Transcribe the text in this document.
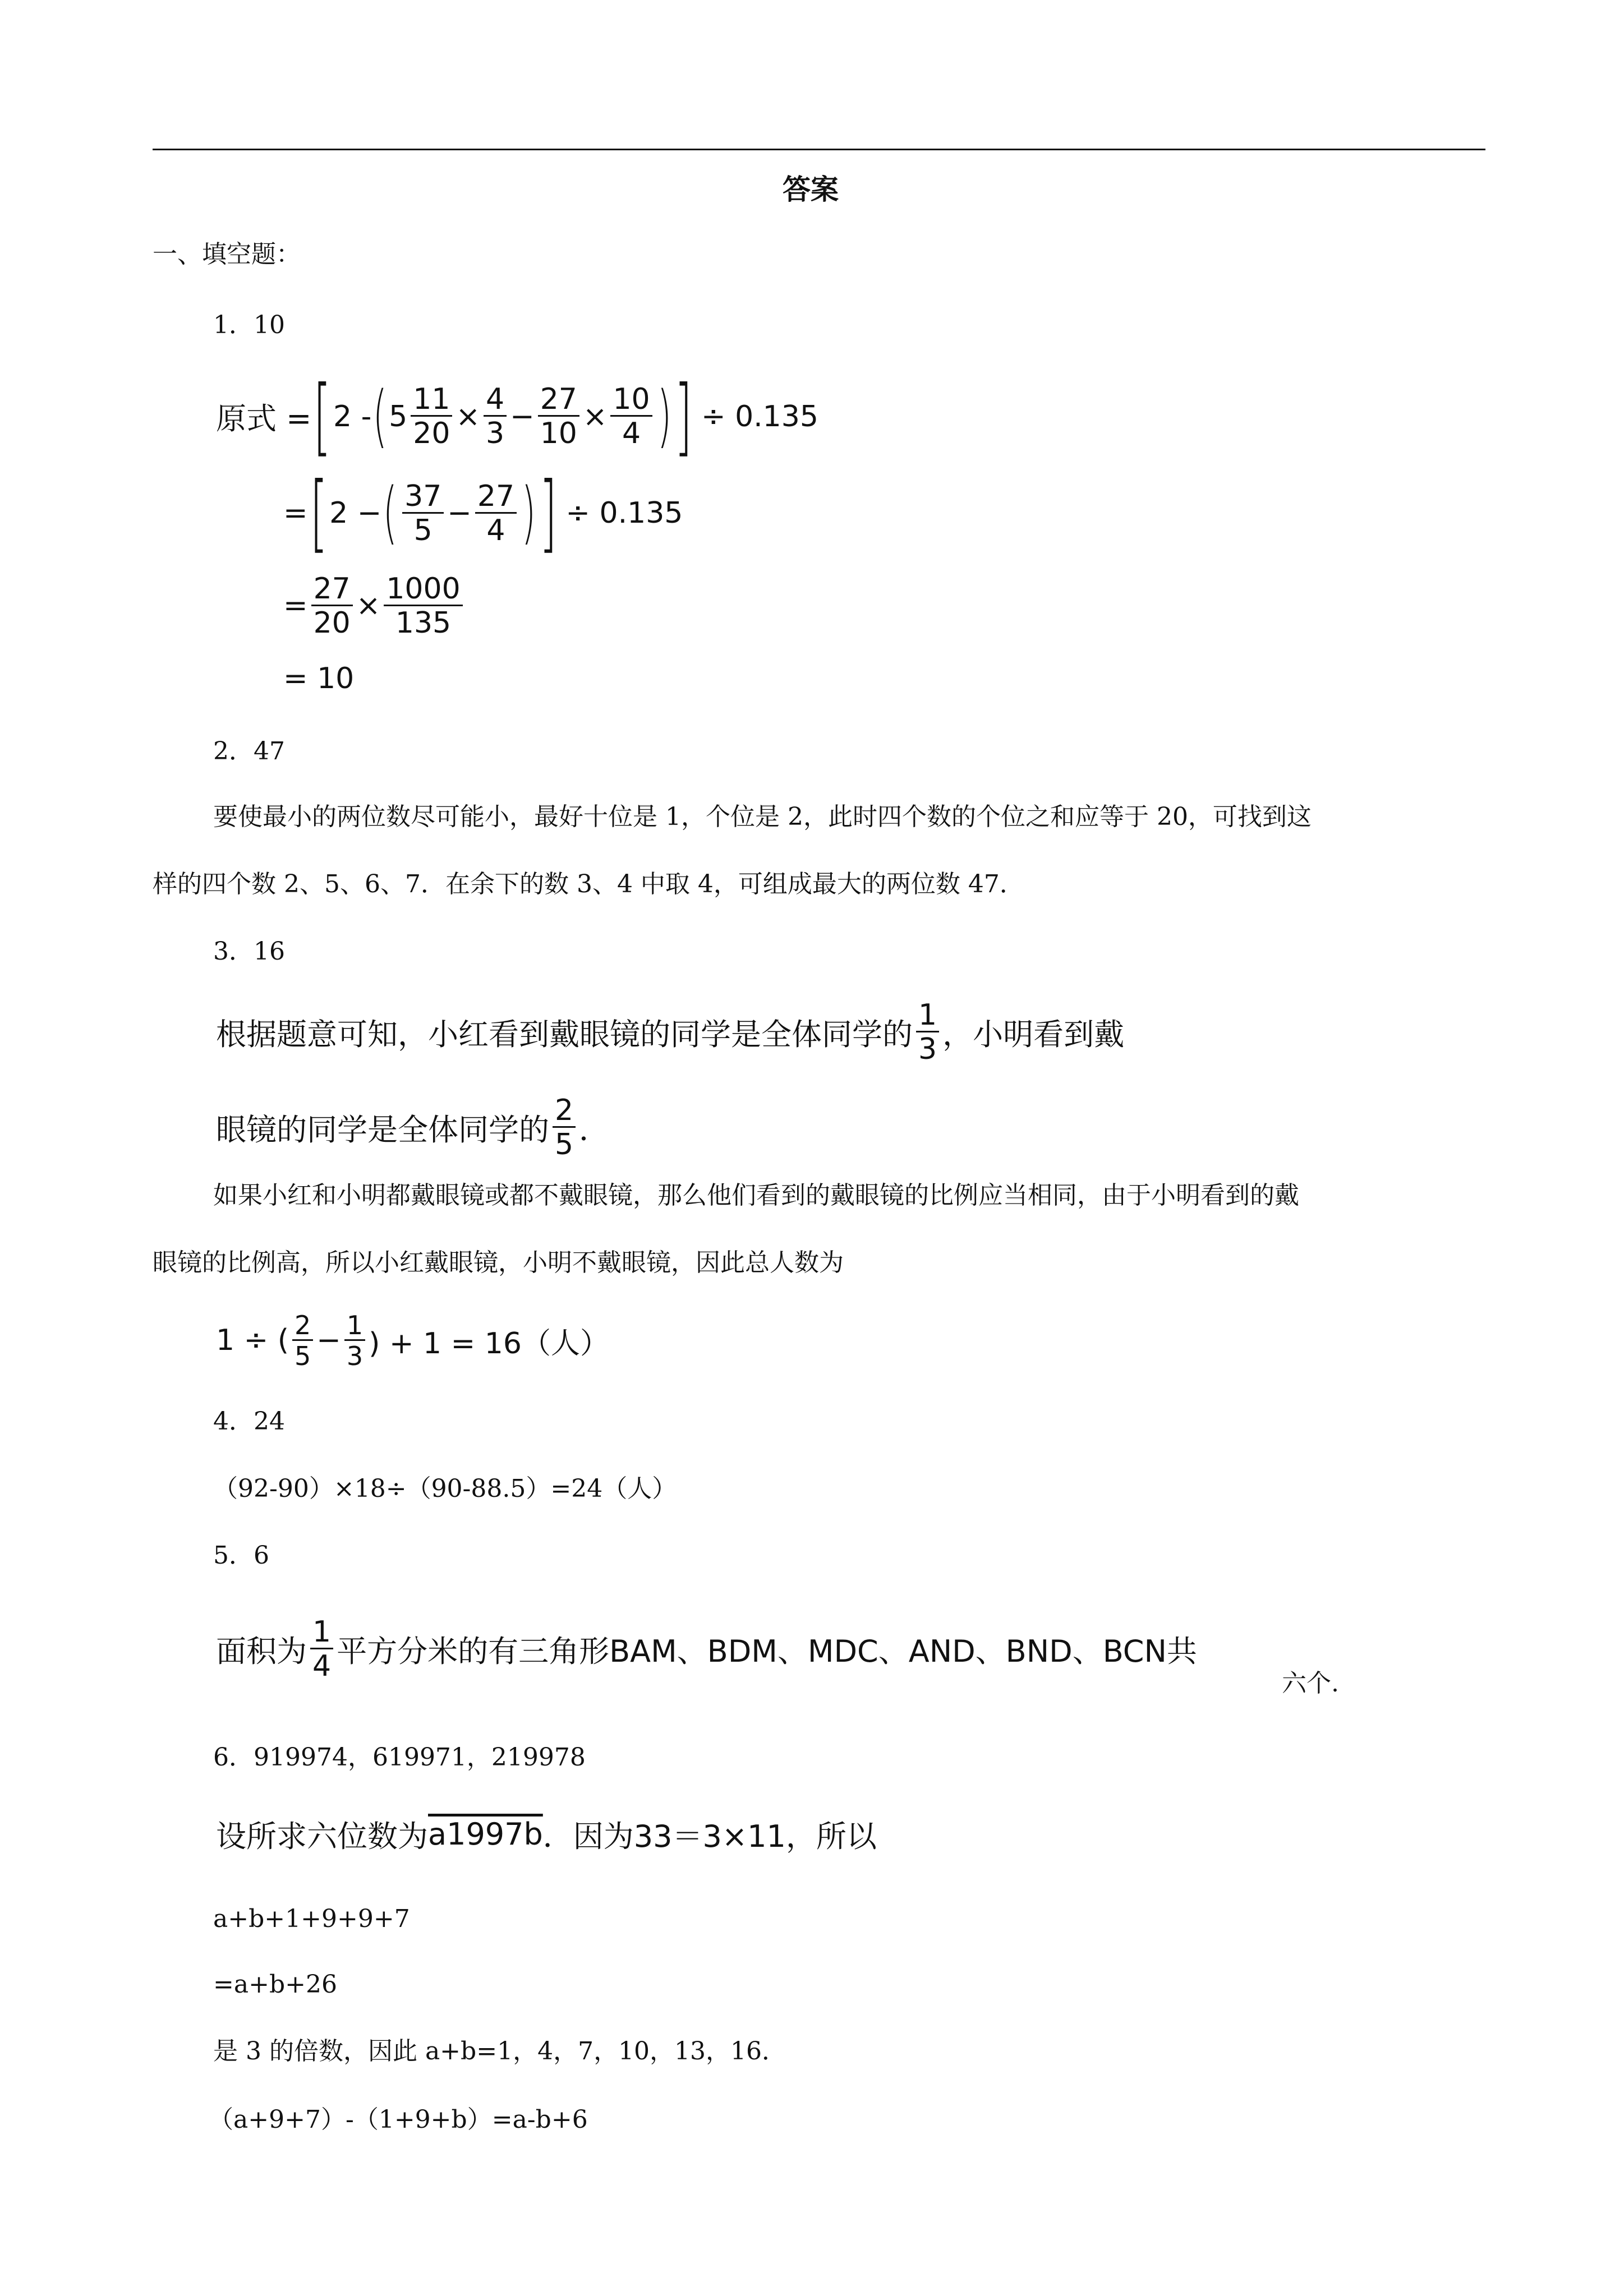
答案
一、填空题：
1．10
原式 = [ 2 - ( $5 \frac{11}{20} \times \frac{4}{3} - \frac{27}{10} \times \frac{10}{4}$ ) ] ÷ 0.135
= [ 2 − ( $\frac{37}{5} - \frac{27}{4}$ ) ] ÷ 0.135
= $\frac{27}{20} \times \frac{1000}{135}$
= 10
2．47
要使最小的两位数尽可能小，最好十位是 1，个位是 2，此时四个数的个位之和应等于 20，可找到这
样的四个数 2、5、6、7．在余下的数 3、4 中取 4，可组成最大的两位数 47．
3．16
根据题意可知，小红看到戴眼镜的同学是全体同学的 $\frac{1}{3}$ ，小明看到戴
眼镜的同学是全体同学的 $\frac{2}{5}$ ．
如果小红和小明都戴眼镜或都不戴眼镜，那么他们看到的戴眼镜的比例应当相同，由于小明看到的戴
眼镜的比例高，所以小红戴眼镜，小明不戴眼镜，因此总人数为
1 ÷ ( $\frac{2}{5} - \frac{1}{3}$ ) + 1 = 16（人）
4．24
（92-90）×18÷（90-88.5）=24（人）
5．6
面积为 $\frac{1}{4}$ 平方分米的有三角形BAM、BDM、MDC、AND、BND、BCN共
六个.
6．919974，619971，219978
设所求六位数为 a1997b ．因为33＝3×11，所以
a+b+1+9+9+7
=a+b+26
是 3 的倍数，因此 a+b=1，4，7，10，13，16．
（a+9+7）-（1+9+b）=a-b+6
